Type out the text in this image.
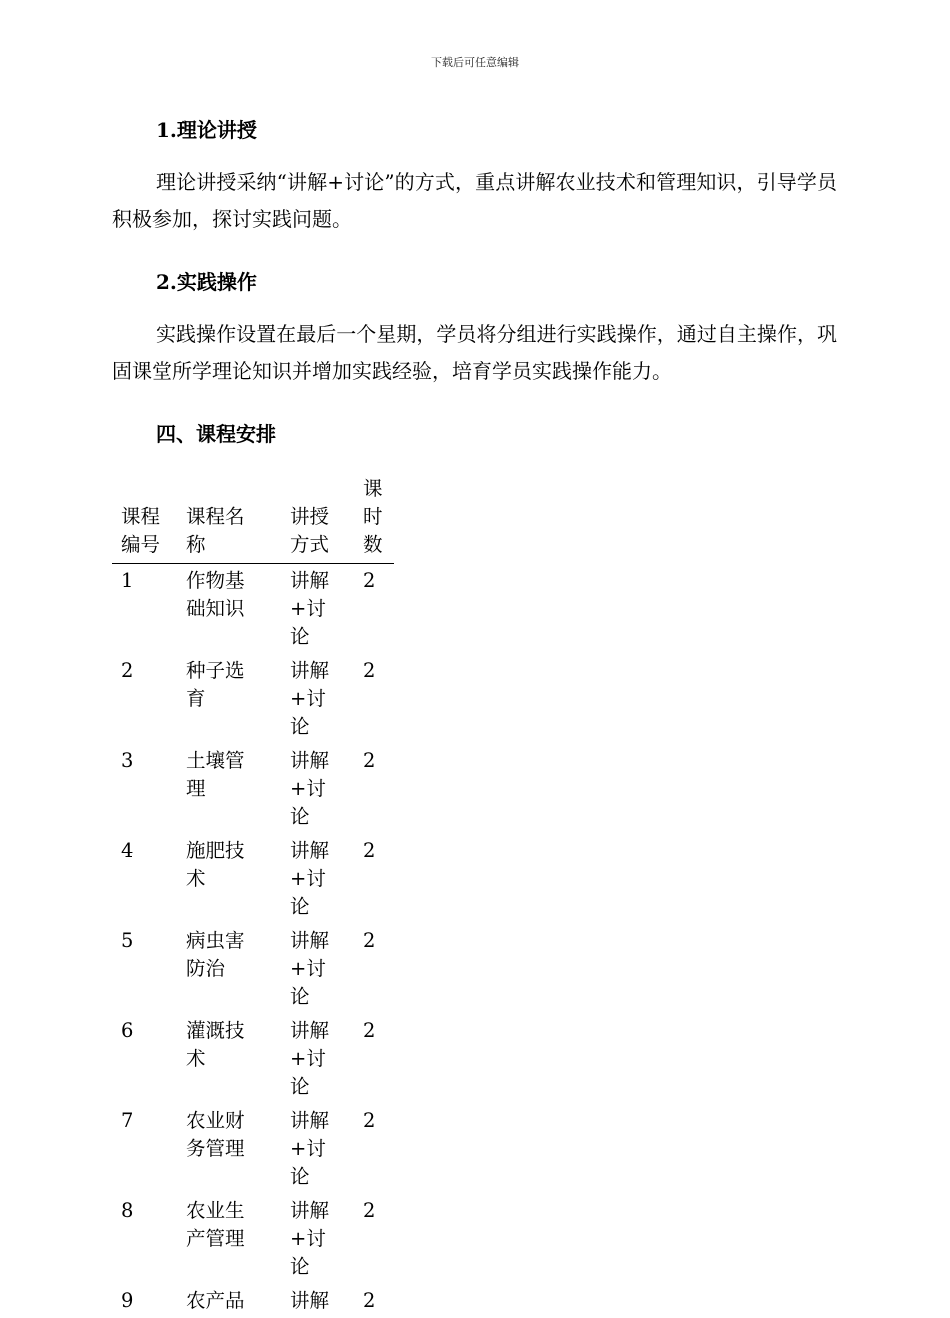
下载后可任意编辑
1.理论讲授
理论讲授采纳“讲解+讨论”的方式，重点讲解农业技术和管理知识，引导学员积极参加，探讨实践问题。
2.实践操作
实践操作设置在最后一个星期，学员将分组进行实践操作，通过自主操作，巩固课堂所学理论知识并增加实践经验，培育学员实践操作能力。
四、课程安排
课程编号	课程名称	讲授方式	课时数

1	作物基础知识	讲解+讨论	2
2	种子选育	讲解+讨论	2
3	土壤管理	讲解+讨论	2
4	施肥技术	讲解+讨论	2
5	病虫害防治	讲解+讨论	2
6	灌溉技术	讲解+讨论	2
7	农业财务管理	讲解+讨论	2
8	农业生产管理	讲解+讨论	2
9	农产品	讲解	2
